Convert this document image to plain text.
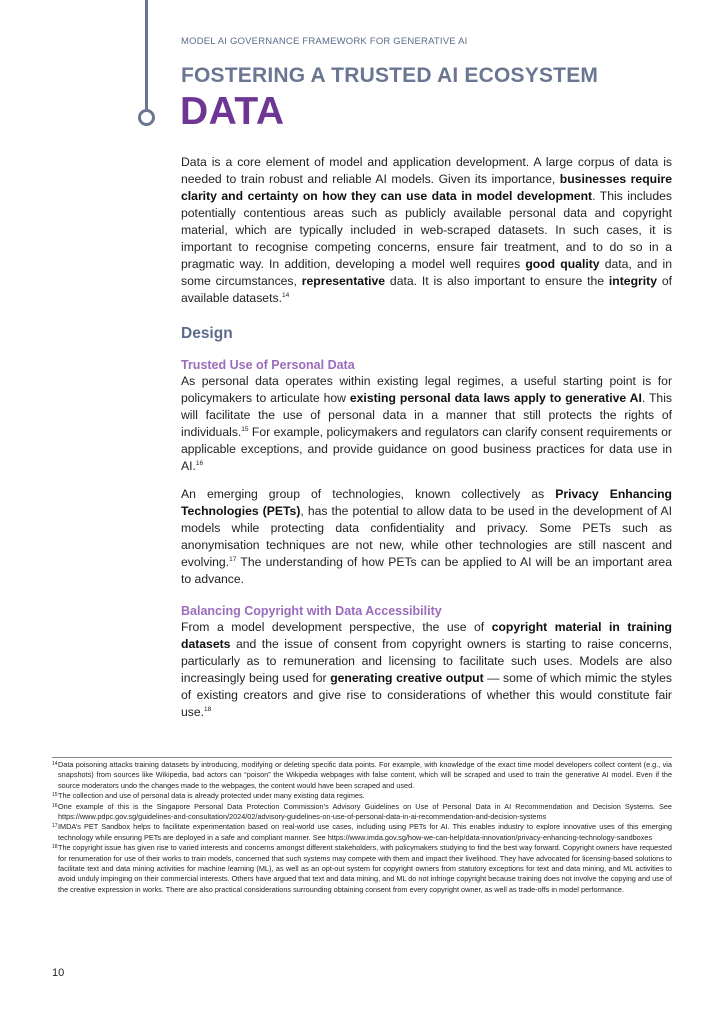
MODEL AI GOVERNANCE FRAMEWORK FOR GENERATIVE AI
FOSTERING A TRUSTED AI ECOSYSTEM
DATA

Data is a core element of model and application development. A large corpus of data is needed to train robust and reliable AI models. Given its importance, businesses require clarity and certainty on how they can use data in model development. This includes potentially contentious areas such as publicly available personal data and copyright material, which are typically included in web-scraped datasets. In such cases, it is important to recognise competing concerns, ensure fair treatment, and to do so in a pragmatic way. In addition, developing a model well requires good quality data, and in some circumstances, representative data. It is also important to ensure the integrity of available datasets.$^{14}$

Design
Trusted Use of Personal Data

As personal data operates within existing legal regimes, a useful starting point is for policymakers to articulate how existing personal data laws apply to generative AI. This will facilitate the use of personal data in a manner that still protects the rights of individuals.$^{15}$ For example, policymakers and regulators can clarify consent requirements or applicable exceptions, and provide guidance on good business practices for data use in AI.$^{16}$

An emerging group of technologies, known collectively as Privacy Enhancing Technologies (PETs), has the potential to allow data to be used in the development of AI models while protecting data confidentiality and privacy. Some PETs such as anonymisation techniques are not new, while other technologies are still nascent and evolving.$^{17}$ The understanding of how PETs can be applied to AI will be an important area to advance.

Balancing Copyright with Data Accessibility

From a model development perspective, the use of copyright material in training datasets and the issue of consent from copyright owners is starting to raise concerns, particularly as to remuneration and licensing to facilitate such uses. Models are also increasingly being used for generating creative output — some of which mimic the styles of existing creators and give rise to considerations of whether this would constitute fair use.$^{18}$

14 Data poisoning attacks training datasets by introducing, modifying or deleting specific data points. For example, with knowledge of the exact time model developers collect content (e.g., via snapshots) from sources like Wikipedia, bad actors can “poison” the Wikipedia webpages with false content, which will be scraped and used to train the generative AI model. Even if the source moderators undo the changes made to the webpages, the content would have been scraped and used.

15 The collection and use of personal data is already protected under many existing data regimes.

16 One example of this is the Singapore Personal Data Protection Commission’s Advisory Guidelines on Use of Personal Data in AI Recommendation and Decision Systems. See https://www.pdpc.gov.sg/guidelines-and-consultation/2024/02/advisory-guidelines-on-use-of-personal-data-in-ai-recommendation-and-decision-systems

17 IMDA’s PET Sandbox helps to facilitate experimentation based on real-world use cases, including using PETs for AI. This enables industry to explore innovative uses of this emerging technology while ensuring PETs are deployed in a safe and compliant manner. See https://www.imda.gov.sg/how-we-can-help/data-innovation/privacy-enhancing-technology-sandboxes

18 The copyright issue has given rise to varied interests and concerns amongst different stakeholders, with policymakers studying to find the best way forward. Copyright owners have requested for renumeration for use of their works to train models, concerned that such systems may compete with them and impact their livelihood. They have advocated for licensing-based solutions to facilitate text and data mining activities for machine learning (ML), as well as an opt-out system for copyright owners from statutory exceptions for text and data mining, and ML activities to avoid unduly impinging on their commercial interests. Others have argued that text and data mining, and ML do not infringe copyright because training does not involve the copying and use of the creative expression in works. There are also practical considerations surrounding obtaining consent from every copyright owner, as well as trade-offs in model performance.

10
